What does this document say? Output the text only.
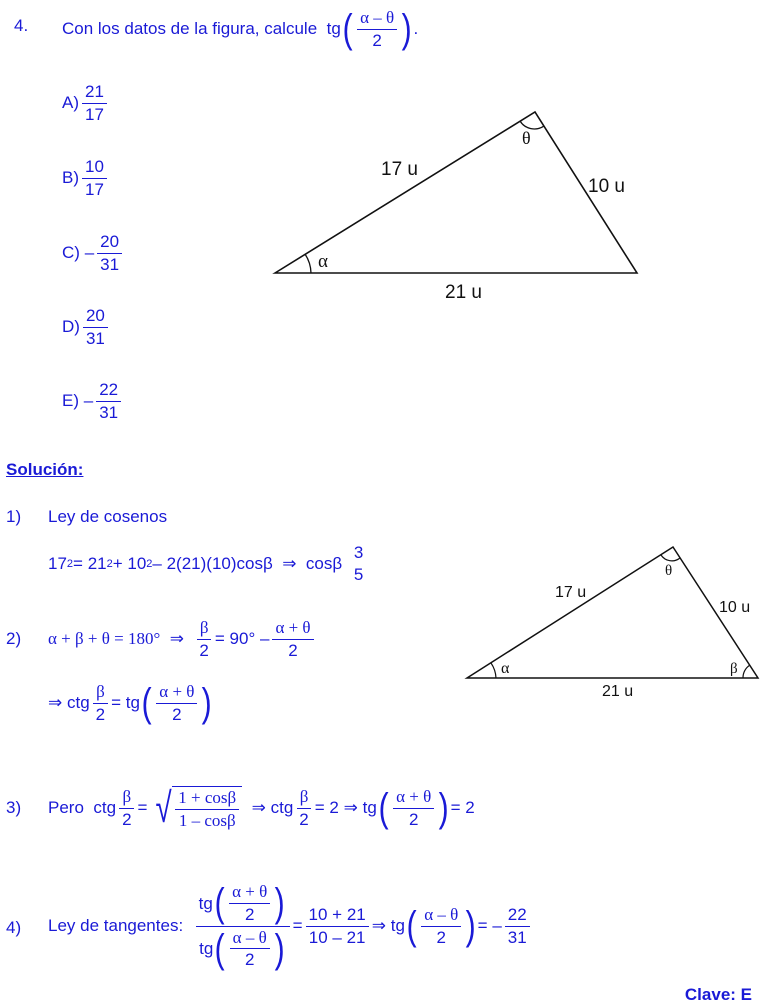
4. Con los datos de la figura, calcule
tg ( $\frac{\alpha - \theta}{2}$ ) .
$A) \frac{21}{17}$
$B) \frac{10}{17}$
C)
– $\frac{20}{31}$
$D) \frac{20}{31}$
E)
– $\frac{22}{31}$
17 u
10 u
21 u
α
θ
Solución:
1) Ley de cosenos
17 2 = 21 2 + 10 2 – 2(21)(10)cosβ
⇒
cosβ

3
5
2) α + β + θ = 180°
⇒
$\frac{\beta}{2} = 90^\circ - \frac{\alpha + \theta}{2}$
⇒ ctg $\frac{\beta}{2}$ = tg ( $\frac{\alpha + \theta}{2}$ )
17 u
10 u
21 u
α
θ
β
3) Pero
ctg $\frac{\beta}{2}$ =
√ $\frac{1 + \cos\beta}{1 - \cos\beta}$
⇒
ctg $\frac{\beta}{2} = 2$
⇒
tg ( $\frac{\alpha + \theta}{2}$ ) = 2
4) Ley de tangentes:
$\frac{tg ( \frac{\alpha + \theta}{2} )}{tg ( \frac{\alpha - \theta}{2} )} = \frac{10 + 21}{10 - 21}$ ⇒
tg ( $\frac{\alpha - \theta}{2}$ ) =
– $\frac{22}{31}$
Clave: E
